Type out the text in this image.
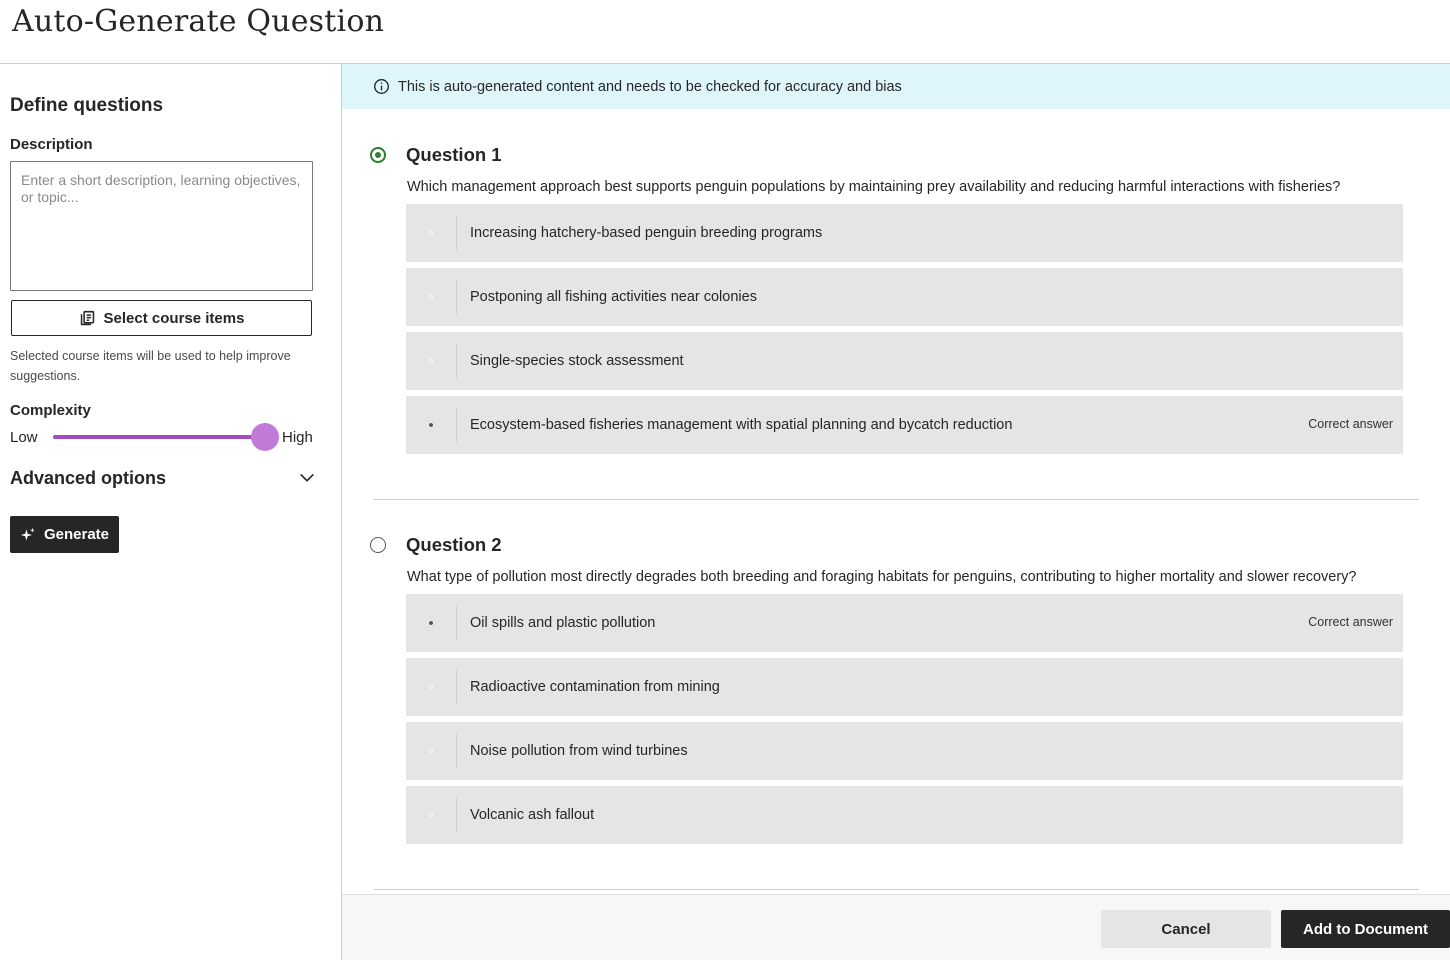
Auto-Generate Question
Define questions
Description
Enter a short description, learning objectives, or topic...
Select course items

Selected course items will be used to help improve suggestions.

Complexity
Low	High
Advanced options
Generate
This is auto-generated content and needs to be checked for accuracy and bias
Question 1

Which management approach best supports penguin populations by maintaining prey availability and reducing harmful interactions with fisheries?

Increasing hatchery-based penguin breeding programs
Postponing all fishing activities near colonies
Single-species stock assessment
Ecosystem-based fisheries management with spatial planning and bycatch reduction	Correct answer
Question 2

What type of pollution most directly degrades both breeding and foraging habitats for penguins, contributing to higher mortality and slower recovery?

Oil spills and plastic pollution	Correct answer
Radioactive contamination from mining
Noise pollution from wind turbines
Volcanic ash fallout
Cancel	Add to Document
